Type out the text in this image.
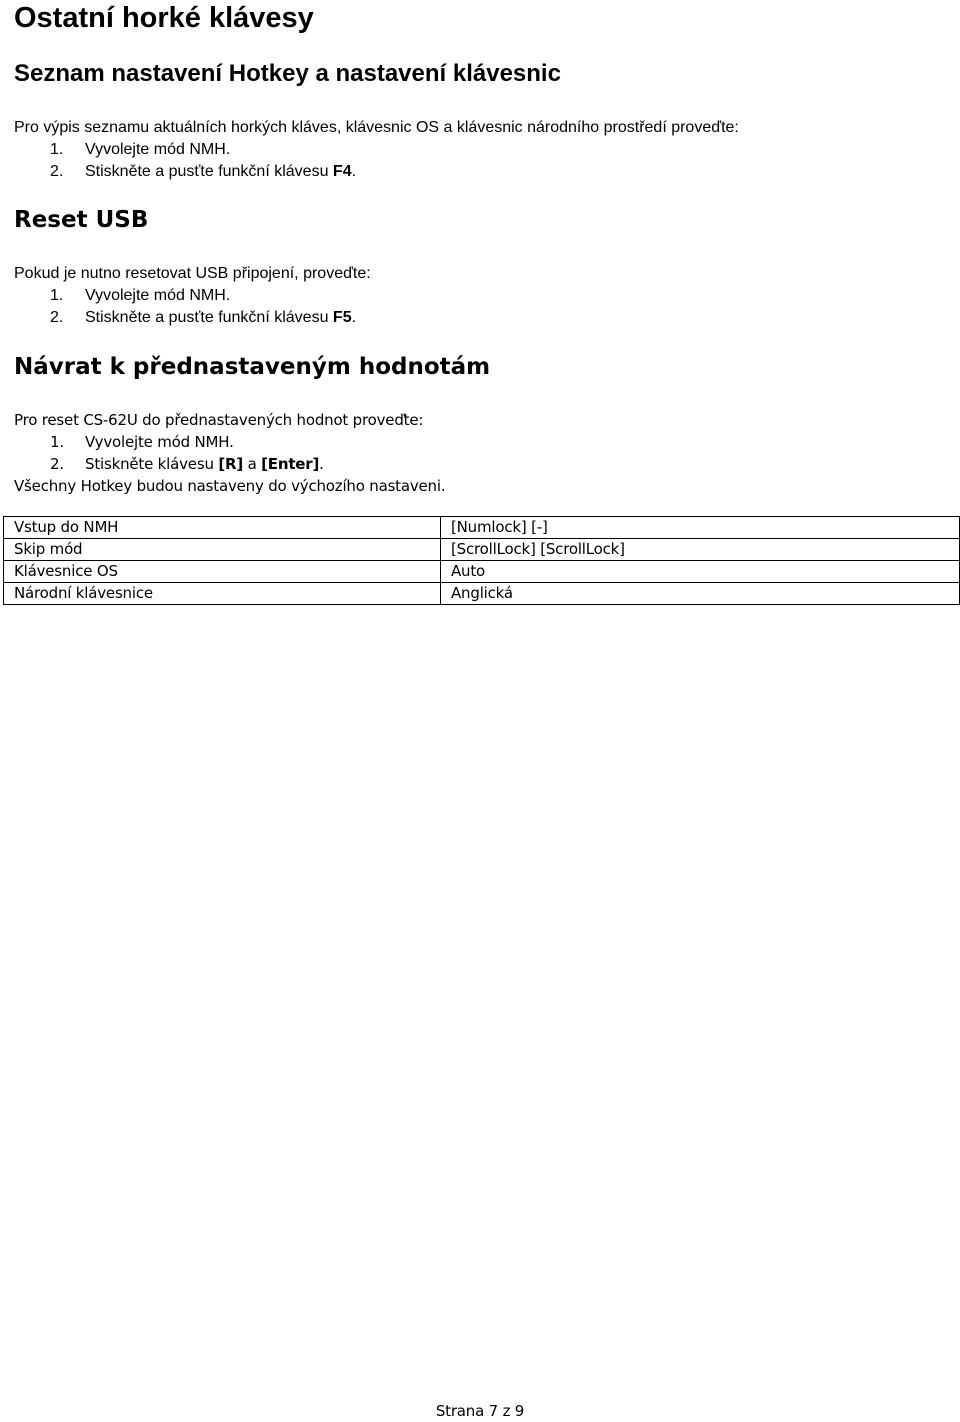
Ostatní horké klávesy
Seznam nastavení Hotkey a nastavení klávesnic
Pro výpis seznamu aktuálních horkých kláves, klávesnic OS a klávesnic národního prostředí proveďte:
1. Vyvolejte mód NMH.
2. Stiskněte a pusťte funkční klávesu F4.
Reset USB
Pokud je nutno resetovat USB připojení, proveďte:
1. Vyvolejte mód NMH.
2. Stiskněte a pusťte funkční klávesu F5.
Návrat k přednastaveným hodnotám
Pro reset CS-62U do přednastavených hodnot proveďte:
1. Vyvolejte mód NMH.
2. Stiskněte klávesu [R] a [Enter].
Všechny Hotkey budou nastaveny do výchozího nastaveni.
Vstup do NMH	[Numlock] [-]
Skip mód	[ScrollLock] [ScrollLock]
Klávesnice OS	Auto
Národní klávesnice	Anglická
Strana 7 z 9
